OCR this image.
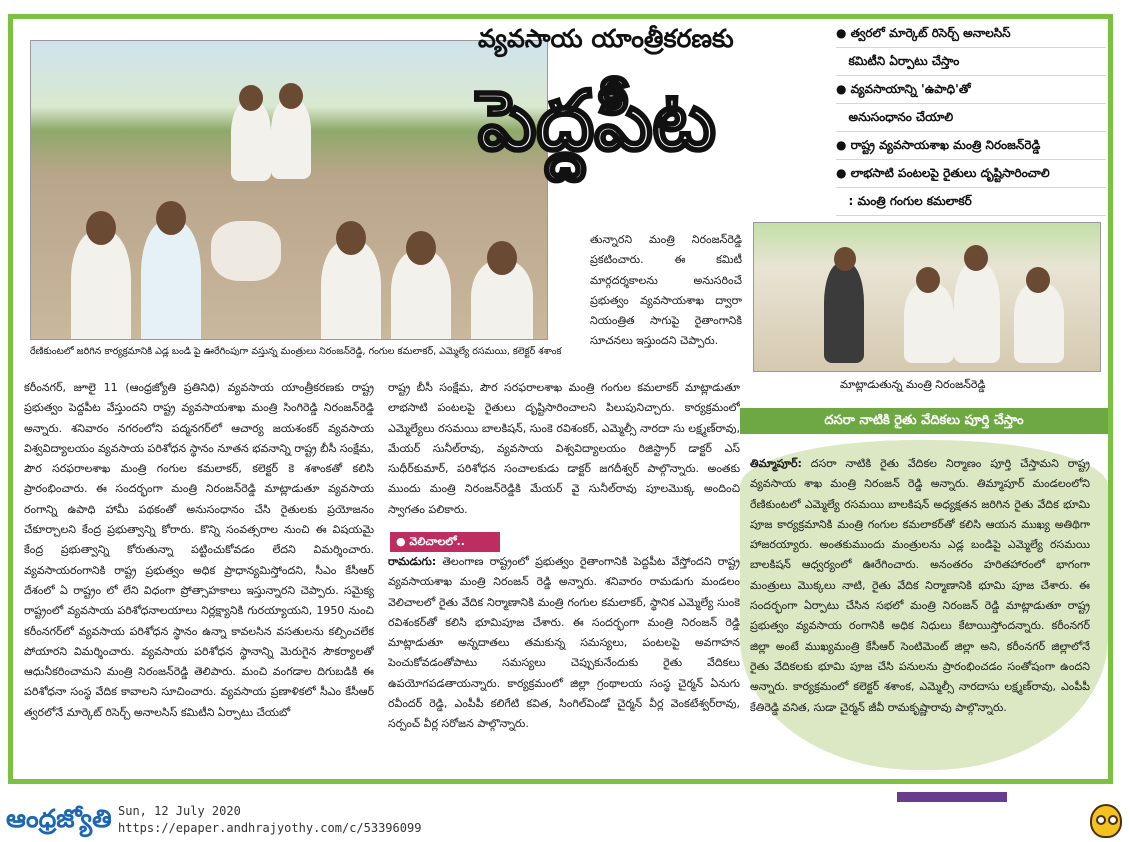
రేణికుంటలో జరిగిన కార్యక్రమానికి ఎడ్ల బండి పై ఊరేగింపుగా వస్తున్న మంత్రులు నిరంజన్‌రెడ్డి, గంగుల కమలాకర్, ఎమ్మెల్యే రసమయి, కలెక్టర్ శశాంక
వ్యవసాయ యాంత్రీకరణకు
పెద్దపీట
● త్వరలో మార్కెట్ రిసెర్చ్ అనాలసిస్
కమిటీని ఏర్పాటు చేస్తాం
● వ్యవసాయాన్ని 'ఉపాధి'తో
అనుసంధానం చేయాలి
● రాష్ట్ర వ్యవసాయశాఖ మంత్రి నిరంజన్‌రెడ్డి
● లాభసాటి పంటలపై రైతులు దృష్టిసారించాలి
: మంత్రి గంగుల కమలాకర్
మాట్లాడుతున్న మంత్రి నిరంజన్‌రెడ్డి

తున్నారని మంత్రి నిరంజన్‌రెడ్డి ప్రకటించారు. ఈ కమిటీ మార్గదర్శకాలను అనుసరించే ప్రభుత్వం వ్యవసాయశాఖ ద్వారా నియంత్రిత సాగుపై రైతాంగానికి సూచనలు ఇస్తుందని చెప్పారు.

కరీంనగర్, జూలై 11 (ఆంధ్రజ్యోతి ప్రతినిధి) వ్యవసాయ యాంత్రీకరణకు రాష్ట్ర ప్రభుత్వం పెద్దపీట వేస్తుందని రాష్ట్ర వ్యవసాయశాఖ మంత్రి సింగిరెడ్డి నిరంజన్‌రెడ్డి అన్నారు. శనివారం నగరంలోని పద్మనగర్‌లో ఆచార్య జయశంకర్ వ్యవసాయ విశ్వవిద్యాలయం వ్యవసాయ పరిశోధన స్థానం నూతన భవనాన్ని రాష్ట్ర బీసీ సంక్షేమ, పౌర సరఫరాలశాఖ మంత్రి గంగుల కమలాకర్, కలెక్టర్ కె శశాంకతో కలిసి ప్రారంభించారు. ఈ సందర్భంగా మంత్రి నిరంజన్‌రెడ్డి మాట్లాడుతూ వ్యవసాయ రంగాన్ని ఉపాధి హామీ పథకంతో అనుసంధానం చేసి రైతులకు ప్రయోజనం చేకూర్చాలని కేంద్ర ప్రభుత్వాన్ని కోరారు. కొన్ని సంవత్సరాల నుంచి ఈ విషయమై కేంద్ర ప్రభుత్వాన్ని కోరుతున్నా పట్టించుకోవడం లేదని విమర్శించారు. వ్యవసాయరంగానికి రాష్ట్ర ప్రభుత్వం అధిక ప్రాధాన్యమిస్తోందని, సీఎం కేసీఆర్ దేశంలో ఏ రాష్ట్రం లో లేని విధంగా ప్రోత్సాహకాలు ఇస్తున్నారని చెప్పారు. సమైక్య రాష్ట్రంలో వ్యవసాయ పరిశోధనాలయాలు నిర్లక్ష్యానికి గురయ్యాయని, 1950 నుంచి కరీంనగర్‌లో వ్యవసాయ పరిశోధన స్థానం ఉన్నా కావలసిన వసతులను కల్పించలేక పోయారని విమర్శించారు. వ్యవసాయ పరిశోధన స్థానాన్ని మెరుగైన సౌకర్యాలతో ఆధునీకరించామని మంత్రి నిరంజన్‌రెడ్డి తెలిపారు. మంచి వంగడాల దిగుబడికి ఈ పరిశోధనా సంస్థ వేదిక కావాలని సూచించారు. వ్యవసాయ ప్రణాళికలో సీఎం కేసీఆర్ త్వరలోనే మార్కెట్ రిసెర్చ్ అనాలసిస్ కమిటీని ఏర్పాటు చేయబో

రాష్ట్ర బీసీ సంక్షేమ, పౌర సరఫరాలశాఖ మంత్రి గంగుల కమలాకర్ మాట్లాడుతూ లాభసాటి పంటలపై రైతులు దృష్టిసారించాలని పిలుపునిచ్చారు. కార్యక్రమంలో ఎమ్మెల్యేలు రసమయి బాలకిషన్, సుంకె రవిశంకర్, ఎమ్మెల్సీ నారదా సు లక్ష్మణ్‌రావు, మేయర్ సునీల్‌రావు, వ్యవసాయ విశ్వవిద్యాలయం రిజిస్ట్రార్ డాక్టర్ ఎస్ సుధీర్‌కుమార్, పరిశోధన సంచాలకుడు డాక్టర్ జగదీశ్వర్ పాల్గొన్నారు. అంతకు ముందు మంత్రి నిరంజన్‌రెడ్డికి మేయర్ వై సునీల్‌రావు పూలమొక్క అందించి స్వాగతం పలికారు.

● వెలిచాలలో..

రామడుగు: తెలంగాణ రాష్ట్రంలో ప్రభుత్వం రైతాంగానికి పెద్దపీట వేస్తోందని రాష్ట్ర వ్యవసాయశాఖ మంత్రి నిరంజన్ రెడ్డి అన్నారు. శనివారం రామడుగు మండలం వెలిచాలలో రైతు వేదిక నిర్మాణానికి మంత్రి గంగుల కమలాకర్, స్థానిక ఎమ్మెల్యే సుంకె రవిశంకర్‌తో కలిసి భూమిపూజ చేశారు. ఈ సందర్భంగా మంత్రి నిరంజన్ రెడ్డి మాట్లాడుతూ అన్నదాతలు తమకున్న సమస్యలు, పంటలపై అవగాహన పెంచుకోవడంతోపాటు సమస్యలు చెప్పుకునేందుకు రైతు వేదికలు ఉపయోగపడతాయన్నారు. కార్యక్రమంలో జిల్లా గ్రంథాలయ సంస్థ చైర్మన్ ఏనుగు రవీందర్ రెడ్డి, ఎంపీపీ కలిగేటి కవిత, సింగిల్‌విండో చైర్మన్ వీర్ల వెంకటేశ్వర్‌రావు, సర్పంచ్ వీర్ల సరోజన పాల్గొన్నారు.

దసరా నాటికి రైతు వేదికలు పూర్తి చేస్తాం

తిమ్మాపూర్: దసరా నాటికి రైతు వేదికల నిర్మాణం పూర్తి చేస్తామని రాష్ట్ర వ్యవసాయ శాఖ మంత్రి నిరంజన్ రెడ్డి అన్నారు. తిమ్మాపూర్ మండలంలోని రేణికుంటలో ఎమ్మెల్యే రసమయి బాలకిషన్ అధ్యక్షతన జరిగిన రైతు వేదిక భూమి పూజ కార్యక్రమానికి మంత్రి గంగుల కమలాకర్‌తో కలిసి ఆయన ముఖ్య అతిథిగా హాజరయ్యారు. అంతకుముందు మంత్రులను ఎడ్ల బండిపై ఎమ్మెల్యే రసమయి బాలకిషన్ ఆధ్వర్యంలో ఊరేగించారు. అనంతరం హరితహారంలో భాగంగా మంత్రులు మొక్కలు నాటి, రైతు వేదిక నిర్మాణానికి భూమి పూజ చేశారు. ఈ సందర్భంగా ఏర్పాటు చేసిన సభలో మంత్రి నిరంజన్ రెడ్డి మాట్లాడుతూ రాష్ట్ర ప్రభుత్వం వ్యవసాయ రంగానికి అధిక నిధులు కేటాయిస్తోందన్నారు. కరీంనగర్ జిల్లా అంటే ముఖ్యమంత్రి కేసీఆర్ సెంటిమెంట్ జిల్లా అని, కరీంనగర్ జిల్లాలోనే రైతు వేదికలకు భూమి పూజ చేసి పనులను ప్రారంభించడం సంతోషంగా ఉందని అన్నారు. కార్యక్రమంలో కలెక్టర్ శశాంక, ఎమ్మెల్సీ నారదాసు లక్ష్మణ్‌రావు, ఎంపీపీ కేతిరెడ్డి వనిత, సుడా చైర్మన్ జీవీ రామకృష్ణారావు పాల్గొన్నారు.

ఆంధ్రజ్యోతి Sun, 12 July 2020
https://epaper.andhrajyothy.com/c/53396099
